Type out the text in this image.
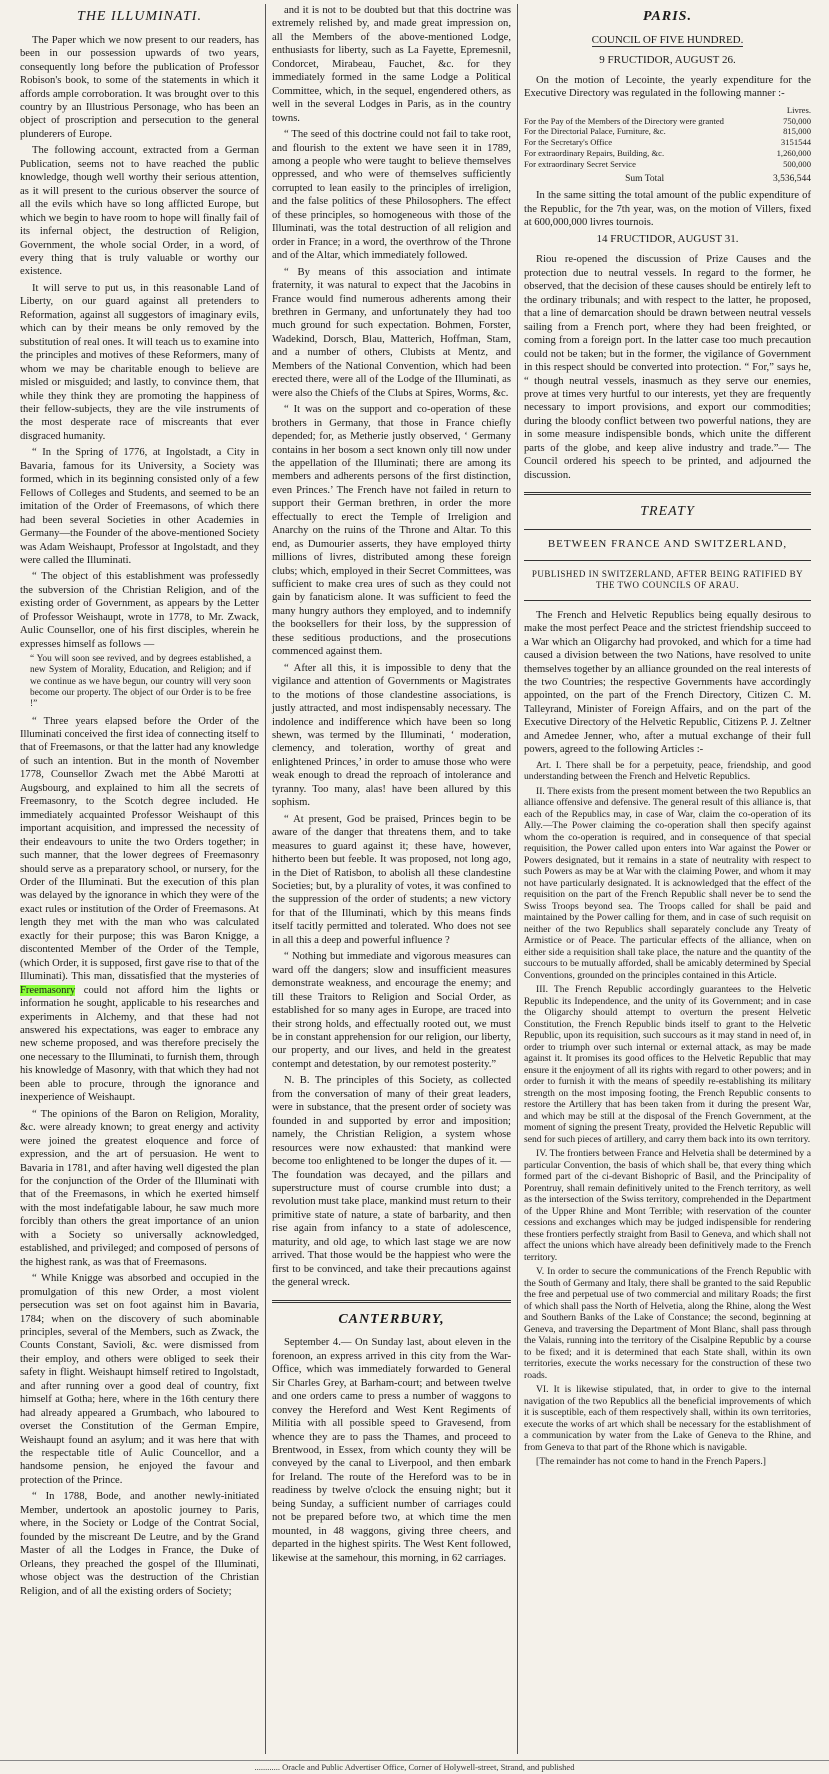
THE ILLUMINATI.

The Paper which we now present to our readers, has been in our possession upwards of two years, consequently long before the publication of Professor Robison's book, to some of the statements in which it affords ample corroboration. It was brought over to this country by an Illustrious Personage, who has been an object of proscription and persecution to the general plunderers of Europe.

The following account, extracted from a German Publication, seems not to have reached the public knowledge, though well worthy their serious attention, as it will present to the curious observer the source of all the evils which have so long afflicted Europe, but which we begin to have room to hope will finally fail of its infernal object, the destruction of Religion, Government, the whole social Order, in a word, of every thing that is truly valuable or worthy our existence.

It will serve to put us, in this reasonable Land of Liberty, on our guard against all pretenders to Reformation, against all suggestors of imaginary evils, which can by their means be only removed by the substitution of real ones. It will teach us to examine into the principles and motives of these Reformers, many of whom we may be charitable enough to believe are misled or misguided; and lastly, to convince them, that while they think they are promoting the happiness of their fellow-subjects, they are the vile instruments of the most desperate race of miscreants that ever disgraced humanity.

“ In the Spring of 1776, at Ingolstadt, a City in Bavaria, famous for its University, a Society was formed, which in its beginning consisted only of a few Fellows of Colleges and Students, and seemed to be an imitation of the Order of Freemasons, of which there had been several Societies in other Academies in Germany—the Founder of the above-mentioned Society was Adam Weishaupt, Professor at Ingolstadt, and they were called the Illuminati.

“ The object of this establishment was professedly the subversion of the Christian Religion, and of the existing order of Government, as appears by the Letter of Professor Weishaupt, wrote in 1778, to Mr. Zwack, Aulic Counsellor, one of his first disciples, wherein he expresses himself as follows —

“ You will soon see revived, and by degrees established, a new System of Morality, Education, and Religion; and if we continue as we have begun, our country will very soon become our property. The object of our Order is to be free !”

“ Three years elapsed before the Order of the Illuminati conceived the first idea of connecting itself to that of Freemasons, or that the latter had any knowledge of such an intention. But in the month of November 1778, Counsellor Zwach met the Abbé Marotti at Augsbourg, and explained to him all the secrets of Freemasonry, to the Scotch degree included. He immediately acquainted Professor Weishaupt of this important acquisition, and impressed the necessity of their endeavours to unite the two Orders together; in such manner, that the lower degrees of Freemasonry should serve as a preparatory school, or nursery, for the Order of the Illuminati. But the execution of this plan was delayed by the ignorance in which they were of the exact rules or institution of the Order of Freemasons. At length they met with the man who was calculated exactly for their purpose; this was Baron Knigge, a discontented Member of the Order of the Temple, (which Order, it is supposed, first gave rise to that of the Illuminati). This man, dissatisfied that the mysteries of Freemasonry could not afford him the lights or information he sought, applicable to his researches and experiments in Alchemy, and that these had not answered his expectations, was eager to embrace any new scheme proposed, and was therefore precisely the one necessary to the Illuminati, to furnish them, through his knowledge of Masonry, with that which they had not been able to procure, through the ignorance and inexperience of Weishaupt.

“ The opinions of the Baron on Religion, Morality, &c. were already known; to great energy and activity were joined the greatest eloquence and force of expression, and the art of persuasion. He went to Bavaria in 1781, and after having well digested the plan for the conjunction of the Order of the Illuminati with that of the Freemasons, in which he exerted himself with the most indefatigable labour, he saw much more forcibly than others the great importance of an union with a Society so universally acknowledged, established, and privileged; and composed of persons of the highest rank, as was that of Freemasons.

“ While Knigge was absorbed and occupied in the promulgation of this new Order, a most violent persecution was set on foot against him in Bavaria, 1784; when on the discovery of such abominable principles, several of the Members, such as Zwack, the Counts Constant, Savioli, &c. were dismissed from their employ, and others were obliged to seek their safety in flight. Weishaupt himself retired to Ingolstadt, and after running over a good deal of country, fixt himself at Gotha; here, where in the 16th century there had already appeared a Grumbach, who laboured to overset the Constitution of the German Empire, Weishaupt found an asylum; and it was here that with the respectable title of Aulic Councellor, and a handsome pension, he enjoyed the favour and protection of the Prince.

“ In 1788, Bode, and another newly-initiated Member, undertook an apostolic journey to Paris, where, in the Society or Lodge of the Contrat Social, founded by the miscreant De Leutre, and by the Grand Master of all the Lodges in France, the Duke of Orleans, they preached the gospel of the Illuminati, whose object was the destruction of the Christian Religion, and of all the existing orders of Society;

and it is not to be doubted but that this doctrine was extremely relished by, and made great impression on, all the Members of the above-mentioned Lodge, enthusiasts for liberty, such as La Fayette, Epremesnil, Condorcet, Mirabeau, Fauchet, &c. for they immediately formed in the same Lodge a Political Committee, which, in the sequel, engendered others, as well in the several Lodges in Paris, as in the country towns.

“ The seed of this doctrine could not fail to take root, and flourish to the extent we have seen it in 1789, among a people who were taught to believe themselves oppressed, and who were of themselves sufficiently corrupted to lean easily to the principles of irreligion, and the false politics of these Philosophers. The effect of these principles, so homogeneous with those of the Illuminati, was the total destruction of all religion and order in France; in a word, the overthrow of the Throne and of the Altar, which immediately followed.

“ By means of this association and intimate fraternity, it was natural to expect that the Jacobins in France would find numerous adherents among their brethren in Germany, and unfortunately they had too much ground for such expectation. Bohmen, Forster, Wadekind, Dorsch, Blau, Matterich, Hoffman, Stam, and a number of others, Clubists at Mentz, and Members of the National Convention, which had been erected there, were all of the Lodge of the Illuminati, as were also the Chiefs of the Clubs at Spires, Worms, &c.

“ It was on the support and co-operation of these brothers in Germany, that those in France chiefly depended; for, as Metherie justly observed, ‘ Germany contains in her bosom a sect known only till now under the appellation of the Illuminati; there are among its members and adherents persons of the first distinction, even Princes.’ The French have not failed in return to support their German brethren, in order the more effectually to erect the Temple of Irreligion and Anarchy on the ruins of the Throne and Altar. To this end, as Dumourier asserts, they have employed thirty millions of livres, distributed among these foreign clubs; which, employed in their Secret Committees, was sufficient to make crea ures of such as they could not gain by fanaticism alone. It was sufficient to feed the many hungry authors they employed, and to indemnify the booksellers for their loss, by the suppression of these seditious productions, and the prosecutions commenced against them.

“ After all this, it is impossible to deny that the vigilance and attention of Governments or Magistrates to the motions of those clandestine associations, is justly attracted, and most indispensably necessary. The indolence and indifference which have been so long shewn, was termed by the Illuminati, ‘ moderation, clemency, and toleration, worthy of great and enlightened Princes,’ in order to amuse those who were weak enough to dread the reproach of intolerance and tyranny. Too many, alas! have been allured by this sophism.

“ At present, God be praised, Princes begin to be aware of the danger that threatens them, and to take measures to guard against it; these have, however, hitherto been but feeble. It was proposed, not long ago, in the Diet of Ratisbon, to abolish all these clandestine Societies; but, by a plurality of votes, it was confined to the suppression of the order of students; a new victory for that of the Illuminati, which by this means finds itself tacitly permitted and tolerated. Who does not see in all this a deep and powerful influence ?

“ Nothing but immediate and vigorous measures can ward off the dangers; slow and insufficient measures demonstrate weakness, and encourage the enemy; and till these Traitors to Religion and Social Order, as established for so many ages in Europe, are traced into their strong holds, and effectually rooted out, we must be in constant apprehension for our religion, our liberty, our property, and our lives, and held in the greatest contempt and detestation, by our remotest posterity.”

N. B. The principles of this Society, as collected from the conversation of many of their great leaders, were in substance, that the present order of society was founded in and supported by error and imposition; namely, the Christian Religion, a system whose resources were now exhausted: that mankind were become too enlightened to be longer the dupes of it. — The foundation was decayed, and the pillars and superstructure must of course crumble into dust; a revolution must take place, mankind must return to their primitive state of nature, a state of barbarity, and then rise again from infancy to a state of adolescence, maturity, and old age, to which last stage we are now arrived. That those would be the happiest who were the first to be convinced, and take their precautions against the general wreck.

CANTERBURY,

September 4.— On Sunday last, about eleven in the forenoon, an express arrived in this city from the War-Office, which was immediately forwarded to General Sir Charles Grey, at Barham-court; and between twelve and one orders came to press a number of waggons to convey the Hereford and West Kent Regiments of Militia with all possible speed to Gravesend, from whence they are to pass the Thames, and proceed to Brentwood, in Essex, from which county they will be conveyed by the canal to Liverpool, and then embark for Ireland. The route of the Hereford was to be in readiness by twelve o'clock the ensuing night; but it being Sunday, a sufficient number of carriages could not be prepared before two, at which time the men mounted, in 48 waggons, giving three cheers, and departed in the highest spirits. The West Kent followed, likewise at the samehour, this morning, in 62 carriages.

PARIS.
COUNCIL OF FIVE HUNDRED.
9 FRUCTIDOR, AUGUST 26.

On the motion of Lecointe, the yearly expenditure for the Executive Directory was regulated in the following manner :-

	Livres.
For the Pay of the Members of the Directory were granted	750,000
For the Directorial Palace, Furniture, &c.	815,000
For the Secretary's Office	3151544
For extraordinary Repairs, Building, &c.	1,260,000
For extraordinary Secret Service	500,000
Sum Total	3,536,544

In the same sitting the total amount of the public expenditure of the Republic, for the 7th year, was, on the motion of Villers, fixed at 600,000,000 livres tournois.

14 FRUCTIDOR, AUGUST 31.

Riou re-opened the discussion of Prize Causes and the protection due to neutral vessels. In regard to the former, he observed, that the decision of these causes should be entirely left to the ordinary tribunals; and with respect to the latter, he proposed, that a line of demarcation should be drawn between neutral vessels sailing from a French port, where they had been freighted, or coming from a foreign port. In the latter case too much precaution could not be taken; but in the former, the vigilance of Government in this respect should be converted into protection. “ For,” says he, “ though neutral vessels, inasmuch as they serve our enemies, prove at times very hurtful to our interests, yet they are frequently necessary to import provisions, and export our commodities; during the bloody conflict between two powerful nations, they are in some measure indispensible bonds, which unite the different parts of the globe, and keep alive industry and trade.”— The Council ordered his speech to be printed, and adjourned the discussion.

TREATY
BETWEEN FRANCE AND SWITZERLAND,
PUBLISHED IN SWITZERLAND, AFTER BEING RATIFIED BY THE TWO COUNCILS OF ARAU.

The French and Helvetic Republics being equally desirous to make the most perfect Peace and the strictest friendship succeed to a War which an Oligarchy had provoked, and which for a time had caused a division between the two Nations, have resolved to unite themselves together by an alliance grounded on the real interests of the two Countries; the respective Governments have accordingly appointed, on the part of the French Directory, Citizen C. M. Talleyrand, Minister of Foreign Affairs, and on the part of the Executive Directory of the Helvetic Republic, Citizens P. J. Zeltner and Amedee Jenner, who, after a mutual exchange of their full powers, agreed to the following Articles :-

Art. I. There shall be for a perpetuity, peace, friendship, and good understanding between the French and Helvetic Republics.

II. There exists from the present moment between the two Republics an alliance offensive and defensive. The general result of this alliance is, that each of the Republics may, in case of War, claim the co-operation of its Ally.—The Power claiming the co-operation shall then specify against whom the co-operation is required, and in consequence of that special requisition, the Power called upon enters into War against the Power or Powers designated, but it remains in a state of neutrality with respect to such Powers as may be at War with the claiming Power, and whom it may not have particularly designated. It is acknowledged that the effect of the requisition on the part of the French Republic shall never be to send the Swiss Troops beyond sea. The Troops called for shall be paid and maintained by the Power calling for them, and in case of such requisit on neither of the two Republics shall separately conclude any Treaty of Armistice or of Peace. The particular effects of the alliance, when on either side a requisition shall take place, the nature and the quantity of the succours to be mutually afforded, shall be amicably determined by Special Conventions, grounded on the principles contained in this Article.

III. The French Republic accordingly guarantees to the Helvetic Republic its Independence, and the unity of its Government; and in case the Oligarchy should attempt to overturn the present Helvetic Constitution, the French Republic binds itself to grant to the Helvetic Republic, upon its requisition, such succours as it may stand in need of, in order to triumph over such internal or external attack, as may be made against it. It promises its good offices to the Helvetic Republic that may ensure it the enjoyment of all its rights with regard to other powers; and in order to furnish it with the means of speedily re-establishing its military strength on the most imposing footing, the French Republic consents to restore the Artillery that has been taken from it during the present War, and which may be still at the disposal of the French Government, at the moment of signing the present Treaty, provided the Helvetic Republic will send for such pieces of artillery, and carry them back into its own territory.

IV. The frontiers between France and Helvetia shall be determined by a particular Convention, the basis of which shall be, that every thing which formed part of the ci-devant Bishopric of Basil, and the Principality of Porentruy, shall remain definitively united to the French territory, as well as the intersection of the Swiss territory, comprehended in the Department of the Upper Rhine and Mont Terrible; with reservation of the counter cessions and exchanges which may be judged indispensible for rendering these frontiers perfectly straight from Basil to Geneva, and which shall not affect the unions which have already been definitively made to the French territory.

V. In order to secure the communications of the French Republic with the South of Germany and Italy, there shall be granted to the said Republic the free and perpetual use of two commercial and military Roads; the first of which shall pass the North of Helvetia, along the Rhine, along the West and Southern Banks of the Lake of Constance; the second, beginning at Geneva, and traversing the Department of Mont Blanc, shall pass through the Valais, running into the territory of the Cisalpine Republic by a course to be fixed; and it is determined that each State shall, within its own territories, execute the works necessary for the construction of these two roads.

VI. It is likewise stipulated, that, in order to give to the internal navigation of the two Republics all the beneficial improvements of which it is susceptible, each of them respectively shall, within its own territories, execute the works of art which shall be necessary for the establishment of a communication by water from the Lake of Geneva to the Rhine, and from Geneva to that part of the Rhone which is navigable.

[The remainder has not come to hand in the French Papers.]

............ Oracle and Public Advertiser Office, Corner of Holywell-street, Strand, and published
